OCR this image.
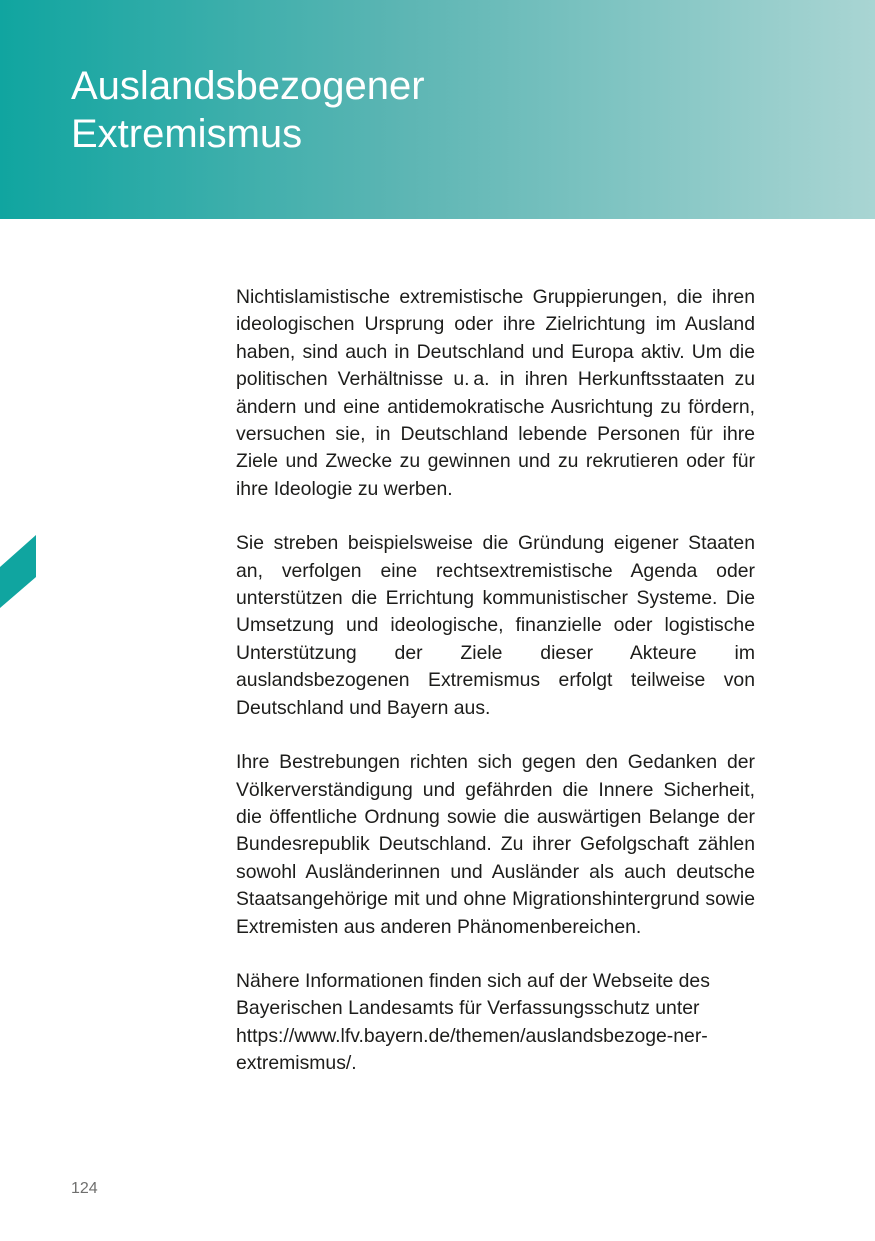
Auslandsbezogener
Extremismus

Nichtislamistische extremistische Gruppierungen, die ihren ideologischen Ursprung oder ihre Zielrichtung im Ausland haben, sind auch in Deutschland und Europa aktiv. Um die politischen Verhältnisse u. a. in ihren Herkunftsstaaten zu ändern und eine antidemokratische Ausrichtung zu fördern, versuchen sie, in Deutschland lebende Personen für ihre Ziele und Zwecke zu gewinnen und zu rekrutieren oder für ihre Ideologie zu werben.

Sie streben beispielsweise die Gründung eigener Staaten an, verfolgen eine rechtsextremistische Agenda oder unterstützen die Errichtung kommunistischer Systeme. Die Umsetzung und ideologische, finanzielle oder logistische Unterstützung der Ziele dieser Akteure im auslandsbezogenen Extremismus erfolgt teilweise von Deutschland und Bayern aus.

Ihre Bestrebungen richten sich gegen den Gedanken der Völkerverständigung und gefährden die Innere Sicherheit, die öffentliche Ordnung sowie die auswärtigen Belange der Bundesrepublik Deutschland. Zu ihrer Gefolgschaft zählen sowohl Ausländerinnen und Ausländer als auch deutsche Staatsangehörige mit und ohne Migrationshintergrund sowie Extremisten aus anderen Phänomenbereichen.

Nähere Informationen finden sich auf der Webseite des Bayerischen Landesamts für Verfassungsschutz unter https://www.lfv.bayern.de/themen/auslandsbezoge-​ner-extremismus/.

124
